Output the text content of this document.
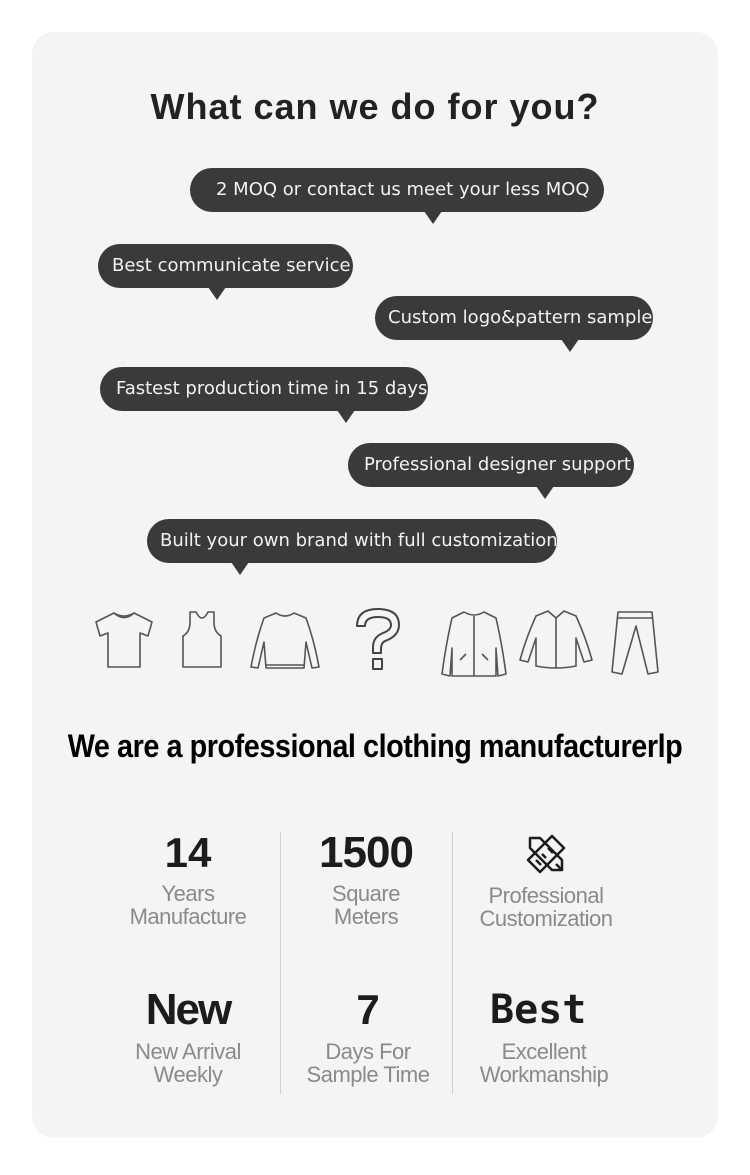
What can we do for you?
2 MOQ or contact us meet your less MOQ
Best communicate service
Custom logo&pattern sample
Fastest production time in 15 days
Professional designer support
Built your own brand with full customization
We are a professional clothing manufacturerlp
14
Years
Manufacture
1500
Square
Meters
Professional
Customization
New
New Arrival
Weekly
7
Days For
Sample Time
Best
Excellent
Workmanship
